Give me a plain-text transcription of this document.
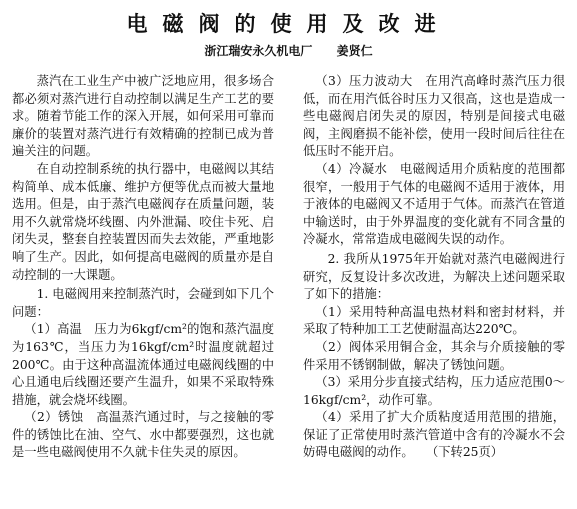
电磁阀的使用及改进
浙江瑞安永久机电厂 姜贤仁

蒸汽在工业生产中被广泛地应用，很多场合都必须对蒸汽进行自动控制以满足生产工艺的要求。随着节能工作的深入开展，如何采用可靠而廉价的装置对蒸汽进行有效精确的控制已成为普遍关注的问题。

在自动控制系统的执行器中，电磁阀以其结构简单、成本低廉、维护方便等优点而被大量地选用。但是，由于蒸汽电磁阀存在质量问题，装用不久就常烧坏线圈、内外泄漏、咬住卡死、启闭失灵，整套自控装置因而失去效能，严重地影响了生产。因此，如何提高电磁阀的质量亦是自动控制的一大课题。

1. 电磁阀用来控制蒸汽时，会碰到如下几个问题：

（1）高温　压力为6kgf/cm²的饱和蒸汽温度为163℃，当压力为16kgf/cm²时温度就超过200℃。由于这种高温流体通过电磁阀线圈的中心且通电后线圈还要产生温升，如果不采取特殊措施，就会烧坏线圈。

（2）锈蚀　高温蒸汽通过时，与之接触的零件的锈蚀比在油、空气、水中都要强烈，这也就是一些电磁阀使用不久就卡住失灵的原因。

（3）压力波动大　在用汽高峰时蒸汽压力很低，而在用汽低谷时压力又很高，这也是造成一些电磁阀启闭失灵的原因，特别是间接式电磁阀，主阀磨损不能补偿，使用一段时间后往往在低压时不能开启。

（4）冷凝水　电磁阀适用介质粘度的范围都很窄，一般用于气体的电磁阀不适用于液体，用于液体的电磁阀又不适用于气体。而蒸汽在管道中输送时，由于外界温度的变化就有不同含量的冷凝水，常常造成电磁阀失误的动作。

2. 我所从1975年开始就对蒸汽电磁阀进行研究，反复设计多次改进，为解决上述问题采取了如下的措施：

（1）采用特种高温电热材料和密封材料，并采取了特种加工工艺使耐温高达220℃。

（2）阀体采用铜合金，其余与介质接触的零件采用不锈钢制做，解决了锈蚀问题。

（3）采用分步直接式结构，压力适应范围0～16kgf/cm²，动作可靠。

（4）采用了扩大介质粘度适用范围的措施，保证了正常使用时蒸汽管道中含有的冷凝水不会妨碍电磁阀的动作。　　（下转25页）
